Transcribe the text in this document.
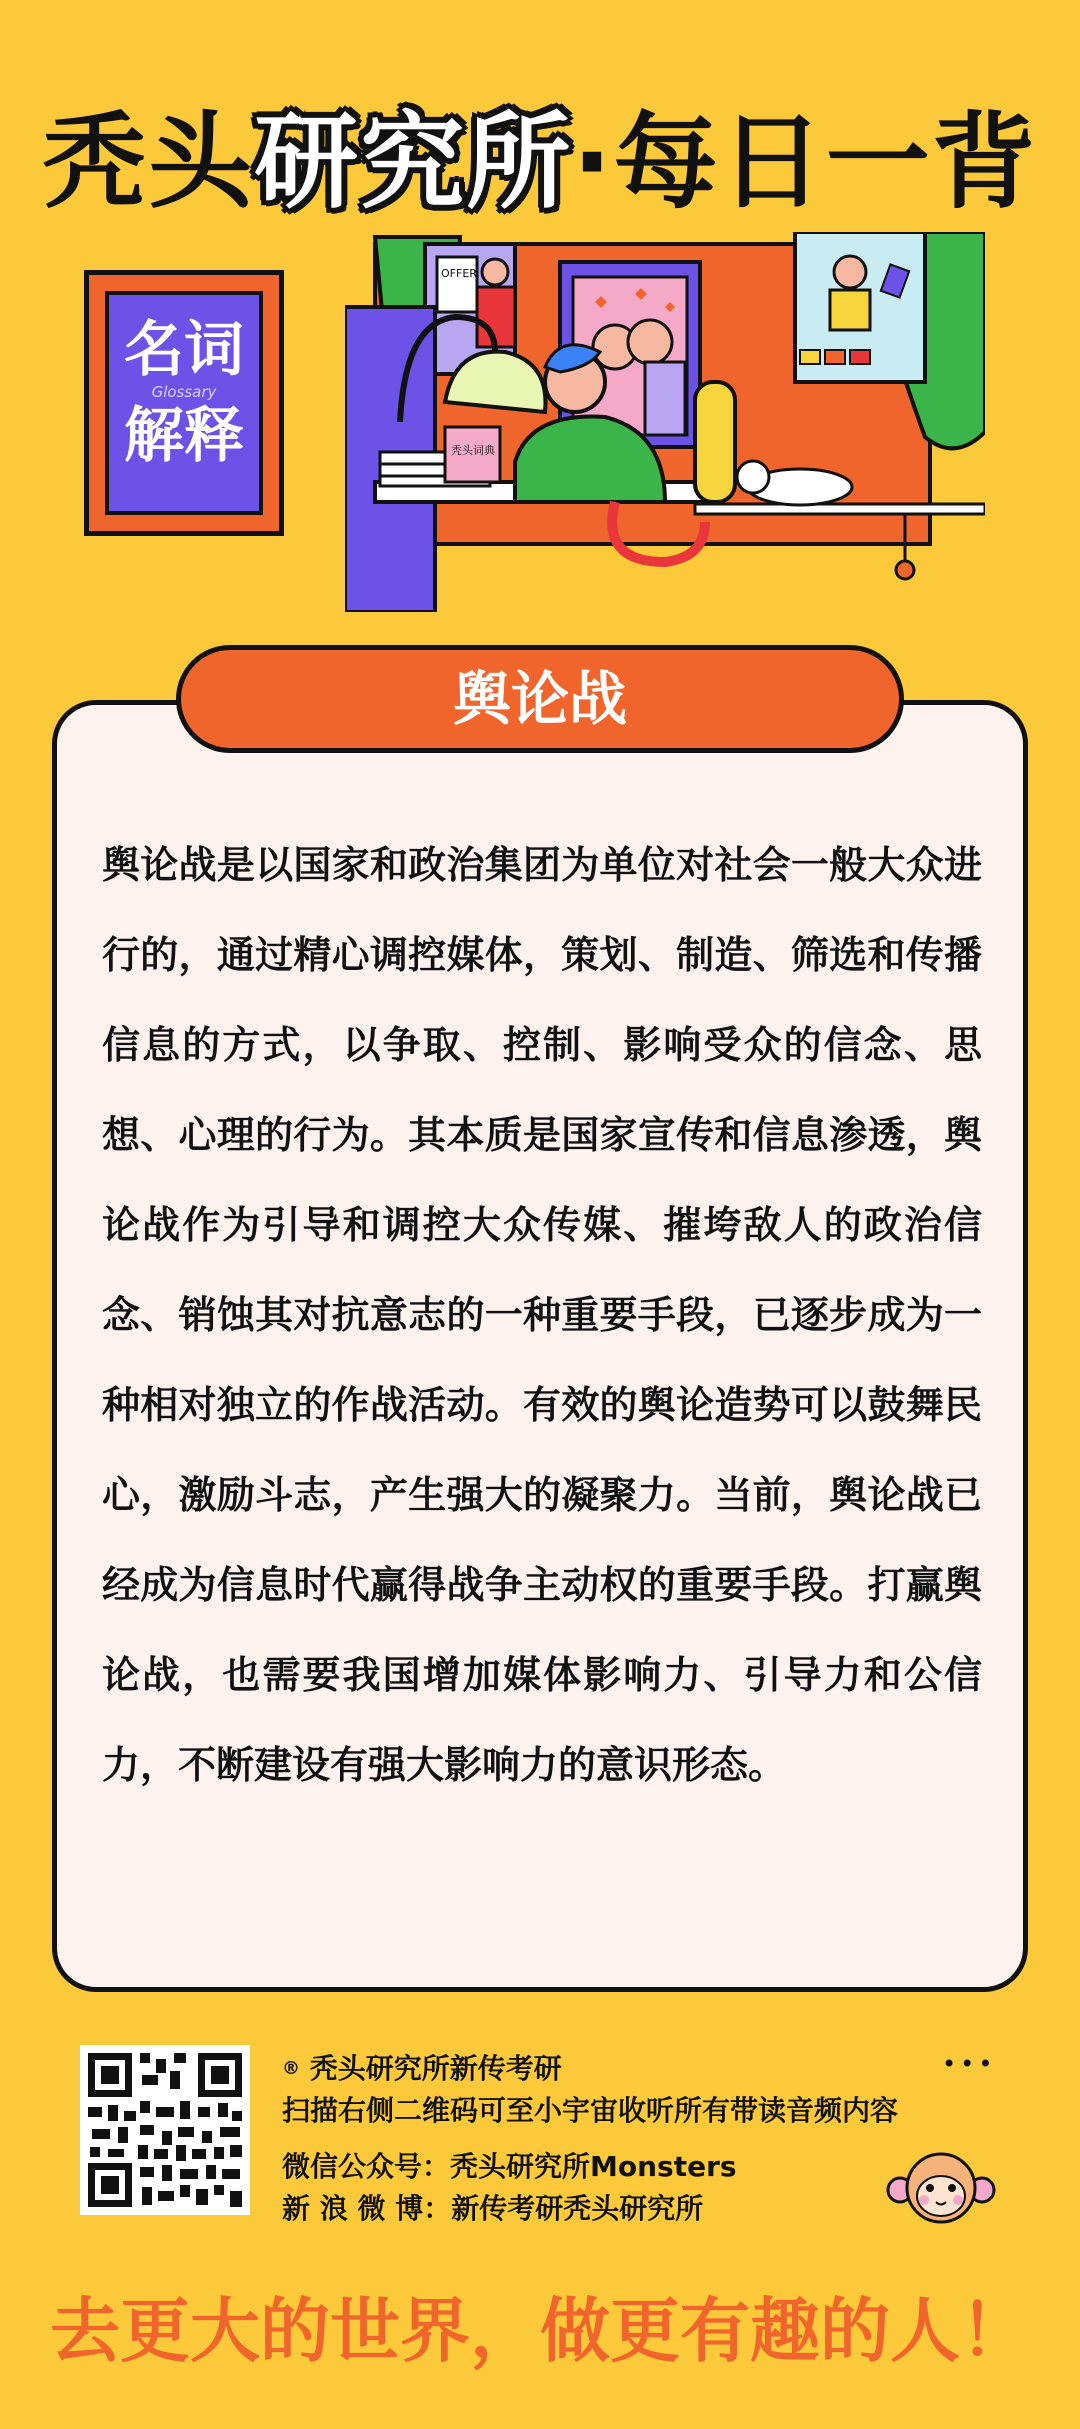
秃头研究所·每日一背
名词
Glossary
解释
OFFER
秃头词典
舆论战
舆论战是以国家和政治集团为单位对社会一般大众进行的，通过精心调控媒体，策划、制造、筛选和传播信息的方式，以争取、控制、影响受众的信念、思想、心理的行为。其本质是国家宣传和信息渗透，舆论战作为引导和调控大众传媒、摧垮敌人的政治信念、销蚀其对抗意志的一种重要手段，已逐步成为一种相对独立的作战活动。有效的舆论造势可以鼓舞民心，激励斗志，产生强大的凝聚力。当前，舆论战已经成为信息时代赢得战争主动权的重要手段。打赢舆论战，也需要我国增加媒体影响力、引导力和公信力，不断建设有强大影响力的意识形态。
® 秃头研究所新传考研
扫描右侧二维码可至小宇宙收听所有带读音频内容
微信公众号：秃头研究所Monsters
新 浪 微 博：新传考研秃头研究所
•••
去更大的世界，做更有趣的人！
